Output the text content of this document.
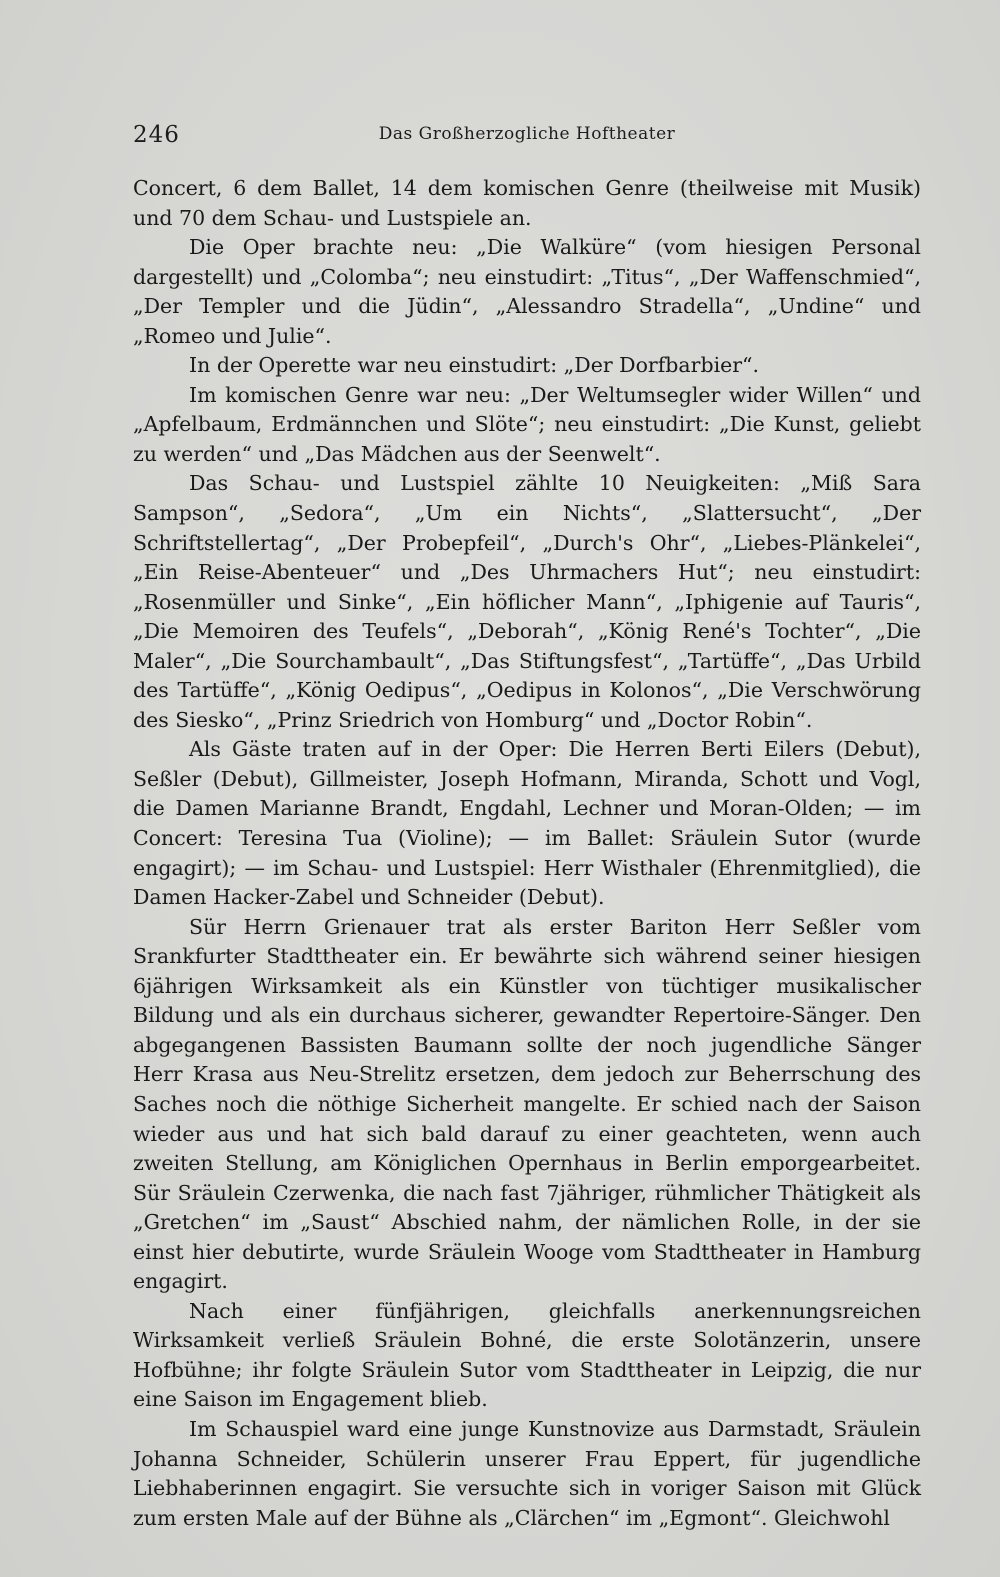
246	Das Großherzogliche Hoftheater

Concert, 6 dem Ballet, 14 dem komischen Genre (theilweise mit Musik) und 70 dem Schau- und Lustspiele an.

Die Oper brachte neu: „Die Walküre“ (vom hiesigen Personal dargestellt) und „Colomba“; neu einstudirt: „Titus“, „Der Waffenschmied“, „Der Templer und die Jüdin“, „Alessandro Stradella“, „Undine“ und „Romeo und Julie“.

In der Operette war neu einstudirt: „Der Dorfbarbier“.

Im komischen Genre war neu: „Der Weltumsegler wider Willen“ und „Apfelbaum, Erdmännchen und Slöte“; neu einstudirt: „Die Kunst, geliebt zu werden“ und „Das Mädchen aus der Seenwelt“.

Das Schau- und Lustspiel zählte 10 Neuigkeiten: „Miß Sara Sampson“, „Sedora“, „Um ein Nichts“, „Slattersucht“, „Der Schriftstellertag“, „Der Probepfeil“, „Durch's Ohr“, „Liebes-Plänkelei“, „Ein Reise-Abenteuer“ und „Des Uhrmachers Hut“; neu einstudirt: „Rosenmüller und Sinke“, „Ein höflicher Mann“, „Iphigenie auf Tauris“, „Die Memoiren des Teufels“, „Deborah“, „König René's Tochter“, „Die Maler“, „Die Sourchambault“, „Das Stiftungsfest“, „Tartüffe“, „Das Urbild des Tartüffe“, „König Oedipus“, „Oedipus in Kolonos“, „Die Verschwörung des Siesko“, „Prinz Sriedrich von Homburg“ und „Doctor Robin“.

Als Gäste traten auf in der Oper: Die Herren Berti Eilers (Debut), Seßler (Debut), Gillmeister, Joseph Hofmann, Miranda, Schott und Vogl, die Damen Marianne Brandt, Engdahl, Lechner und Moran-Olden; — im Concert: Teresina Tua (Violine); — im Ballet: Sräulein Sutor (wurde engagirt); — im Schau- und Lustspiel: Herr Wisthaler (Ehrenmitglied), die Damen Hacker-Zabel und Schneider (Debut).

Sür Herrn Grienauer trat als erster Bariton Herr Seßler vom Srankfurter Stadttheater ein. Er bewährte sich während seiner hiesigen 6jährigen Wirksamkeit als ein Künstler von tüchtiger musikalischer Bildung und als ein durchaus sicherer, gewandter Repertoire-Sänger. Den abgegangenen Bassisten Baumann sollte der noch jugendliche Sänger Herr Krasa aus Neu-Strelitz ersetzen, dem jedoch zur Beherrschung des Saches noch die nöthige Sicherheit mangelte. Er schied nach der Saison wieder aus und hat sich bald darauf zu einer geachteten, wenn auch zweiten Stellung, am Königlichen Opernhaus in Berlin emporgearbeitet. Sür Sräulein Czerwenka, die nach fast 7jähriger, rühmlicher Thätigkeit als „Gretchen“ im „Saust“ Abschied nahm, der nämlichen Rolle, in der sie einst hier debutirte, wurde Sräulein Wooge vom Stadttheater in Hamburg engagirt.

Nach einer fünfjährigen, gleichfalls anerkennungsreichen Wirksamkeit verließ Sräulein Bohné, die erste Solotänzerin, unsere Hofbühne; ihr folgte Sräulein Sutor vom Stadttheater in Leipzig, die nur eine Saison im Engagement blieb.

Im Schauspiel ward eine junge Kunstnovize aus Darmstadt, Sräulein Johanna Schneider, Schülerin unserer Frau Eppert, für jugendliche Liebhaberinnen engagirt. Sie versuchte sich in voriger Saison mit Glück zum ersten Male auf der Bühne als „Clärchen“ im „Egmont“. Gleichwohl
